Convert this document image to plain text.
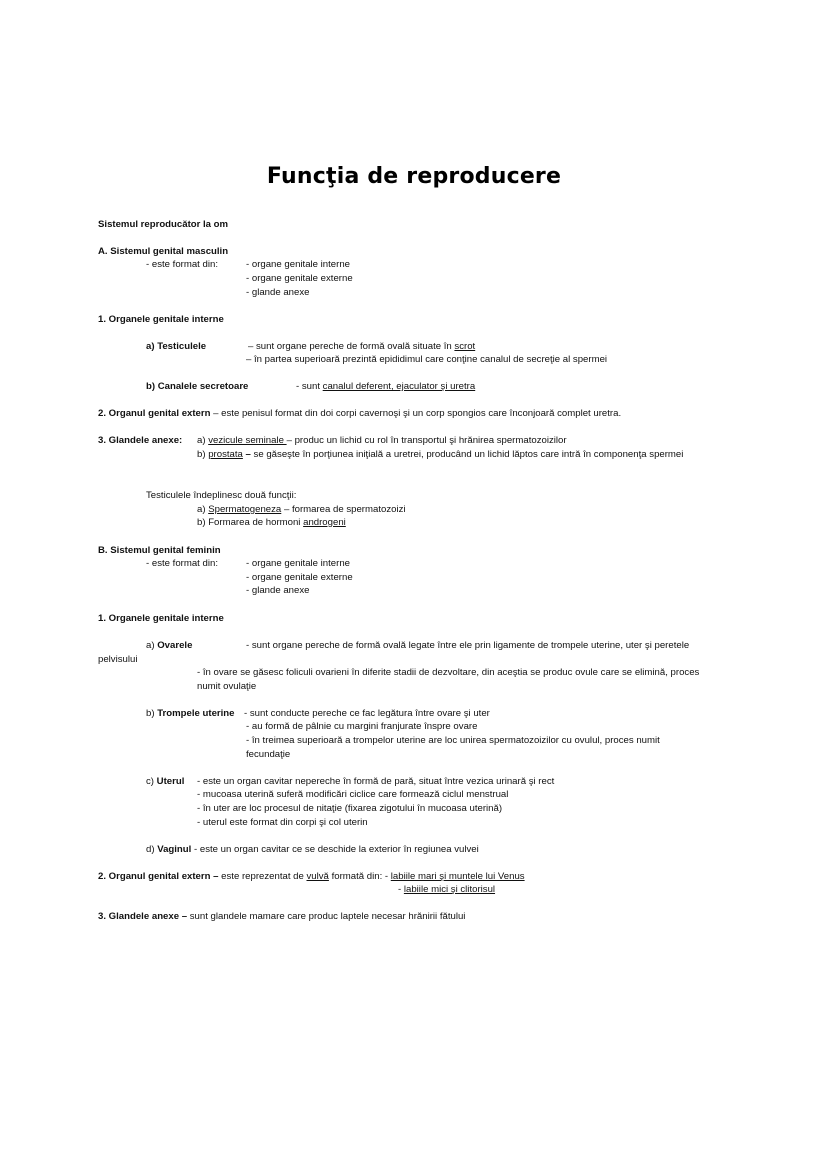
Funcţia de reproducere
Sistemul reproducător la om
A. Sistemul genital masculin
- este format din:	- organe genitale interne
- organe genitale externe
- glande anexe
1. Organele genitale interne
a) Testiculele	– sunt organe pereche de formă ovală situate în scrot
– în partea superioară prezintă epididimul care conţine canalul de secreţie al spermei
b) Canalele secretoare	- sunt canalul deferent, ejaculator şi uretra
2. Organul genital extern – este penisul format din doi corpi cavernoşi şi un corp spongios care înconjoară complet uretra.
3. Glandele anexe: a) vezicule seminale – produc un lichid cu rol în transportul şi hrănirea spermatozoizilor
b) prostata – se găseşte în porţiunea iniţială a uretrei, producând un lichid lăptos care intră în componenţa spermei
Testiculele îndeplinesc două funcţii:
a) Spermatogeneza – formarea de spermatozoizi
b) Formarea de hormoni androgeni
B. Sistemul genital feminin
- este format din:	- organe genitale interne
- organe genitale externe
- glande anexe
1. Organele genitale interne
a) Ovarele	- sunt organe pereche de formă ovală legate între ele prin ligamente de trompele uterine, uter şi peretele
pelvisului
- în ovare se găsesc foliculi ovarieni în diferite stadii de dezvoltare, din aceştia se produc ovule care se elimină, proces
numit ovulaţie
b) Trompele uterine - sunt conducte pereche ce fac legătura între ovare şi uter
- au formă de pâlnie cu margini franjurate înspre ovare
- în treimea superioară a trompelor uterine are loc unirea spermatozoizilor cu ovulul, proces numit
fecundaţie
c) Uterul - este un organ cavitar nepereche în formă de pară, situat între vezica urinară şi rect
- mucoasa uterină suferă modificări ciclice care formează ciclul menstrual
- în uter are loc procesul de nitaţie (fixarea zigotului în mucoasa uterină)
- uterul este format din corpi şi col uterin
d) Vaginul - este un organ cavitar ce se deschide la exterior în regiunea vulvei
2. Organul genital extern – este reprezentat de vulvă formată din: - labiile mari şi muntele lui Venus
- labiile mici şi clitorisul
3. Glandele anexe – sunt glandele mamare care produc laptele necesar hrănirii fătului
